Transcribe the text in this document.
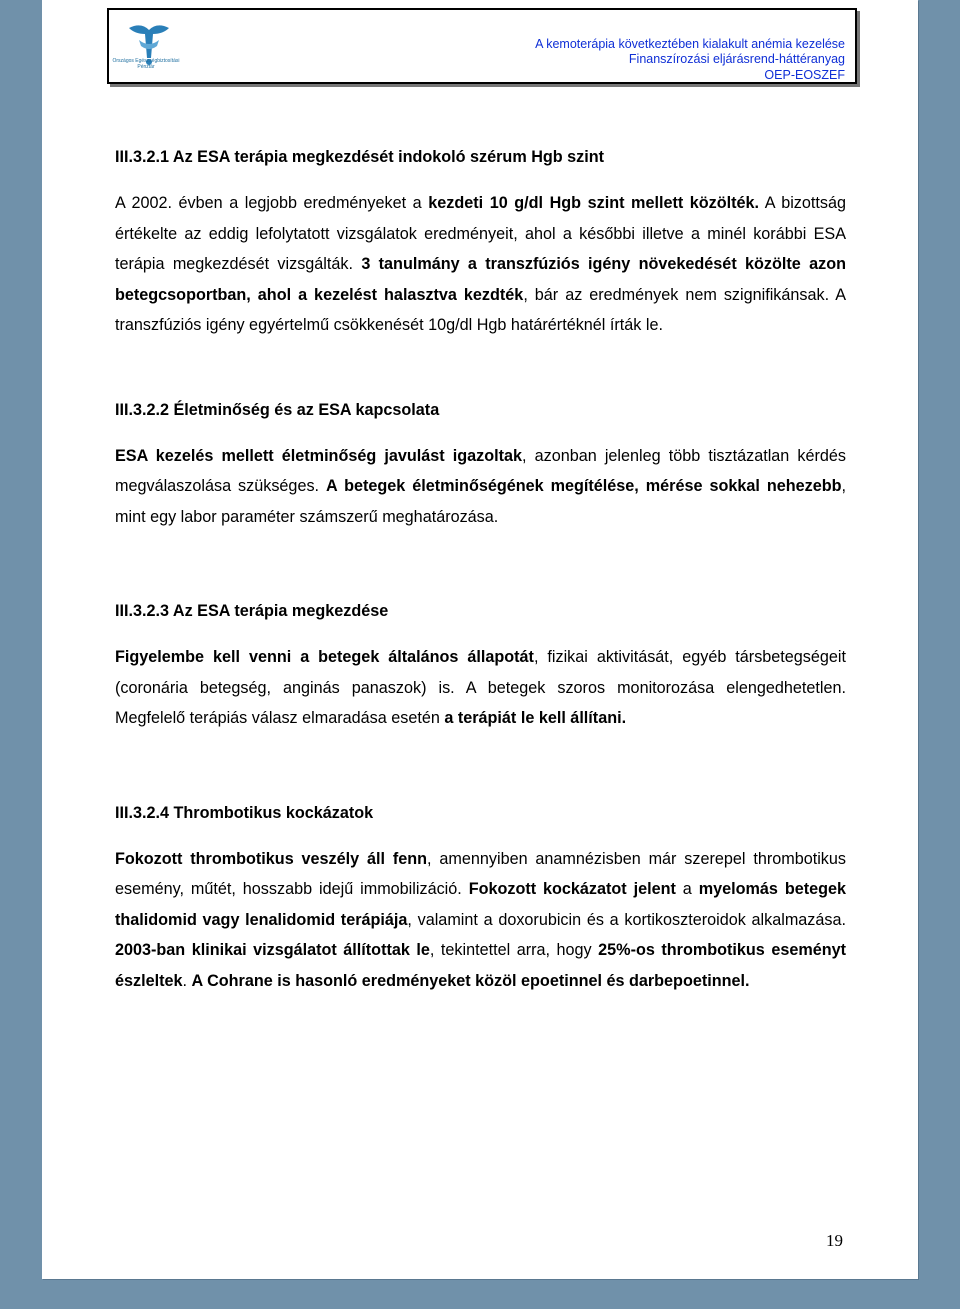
Országos Egészségbiztosítási Pénztár
A kemoterápia következtében kialakult anémia kezelése
Finanszírozási eljárásrend-háttéranyag
OEP-EOSZEF

III.3.2.1 Az ESA terápia megkezdését indokoló szérum Hgb szint

A 2002. évben a legjobb eredményeket a kezdeti 10 g/dl Hgb szint mellett közölték. A bizottság értékelte az eddig lefolytatott vizsgálatok eredményeit, ahol a későbbi illetve a minél korábbi ESA terápia megkezdését vizsgálták. 3 tanulmány a transzfúziós igény növekedését közölte azon betegcsoportban, ahol a kezelést halasztva kezdték, bár az eredmények nem szignifikánsak. A transzfúziós igény egyértelmű csökkenését 10g/dl Hgb határértéknél írták le.

III.3.2.2 Életminőség és az ESA kapcsolata

ESA kezelés mellett életminőség javulást igazoltak, azonban jelenleg több tisztázatlan kérdés megválaszolása szükséges. A betegek életminőségének megítélése, mérése sokkal nehezebb, mint egy labor paraméter számszerű meghatározása.

III.3.2.3 Az ESA terápia megkezdése

Figyelembe kell venni a betegek általános állapotát, fizikai aktivitását, egyéb társbetegségeit (coronária betegség, anginás panaszok) is. A betegek szoros monitorozása elengedhetetlen. Megfelelő terápiás válasz elmaradása esetén a terápiát le kell állítani.

III.3.2.4 Thrombotikus kockázatok

Fokozott thrombotikus veszély áll fenn, amennyiben anamnézisben már szerepel thrombotikus esemény, műtét, hosszabb idejű immobilizáció. Fokozott kockázatot jelent a myelomás betegek thalidomid vagy lenalidomid terápiája, valamint a doxorubicin és a kortikoszteroidok alkalmazása. 2003-ban klinikai vizsgálatot állítottak le, tekintettel arra, hogy 25%-os thrombotikus eseményt észleltek. A Cohrane is hasonló eredményeket közöl epoetinnel és darbepoetinnel.

19
